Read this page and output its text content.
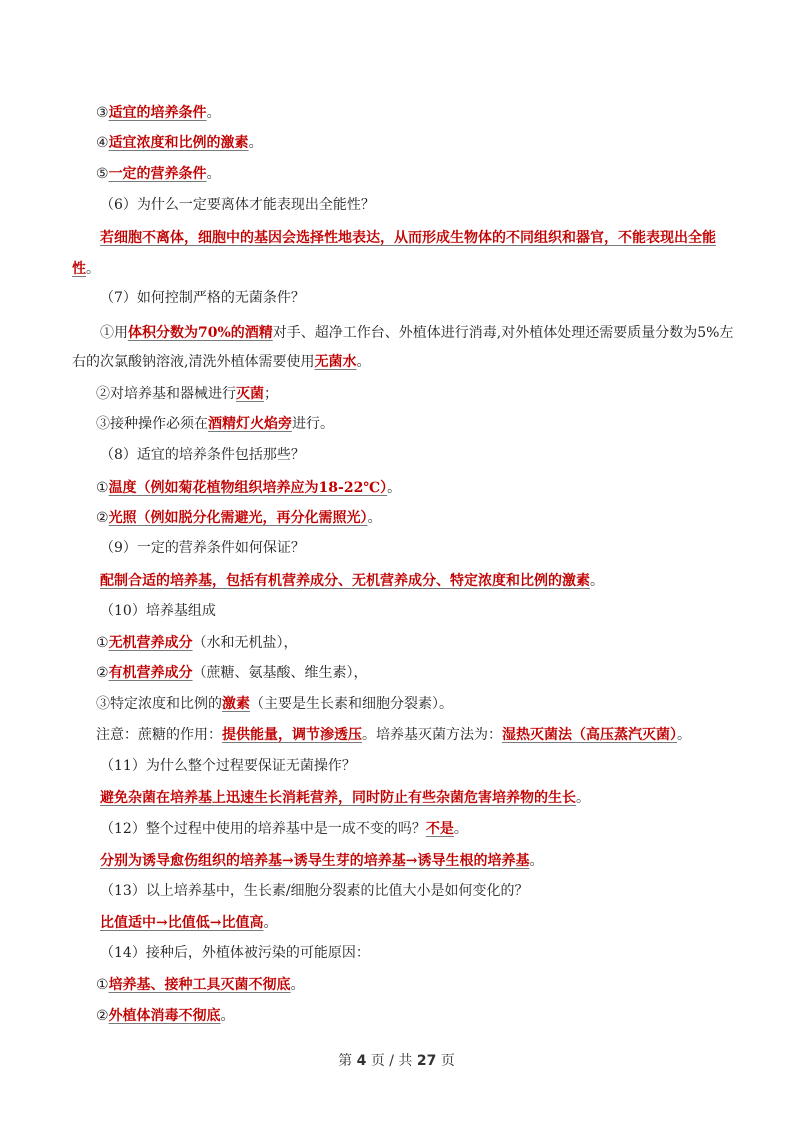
③适宜的培养条件。
④适宜浓度和比例的激素。
⑤一定的营养条件。
（6）为什么一定要离体才能表现出全能性？
若细胞不离体，细胞中的基因会选择性地表达，从而形成生物体的不同组织和器官，不能表现出全能
性。
（7）如何控制严格的无菌条件？
①用体积分数为70%的酒精对手、超净工作台、外植体进行消毒,对外植体处理还需要质量分数为5%左
右的次氯酸钠溶液,清洗外植体需要使用无菌水。
②对培养基和器械进行灭菌；
③接种操作必须在酒精灯火焰旁进行。
（8）适宜的培养条件包括那些？
①温度（例如菊花植物组织培养应为18-22℃）。
②光照（例如脱分化需避光，再分化需照光）。
（9）一定的营养条件如何保证？
配制合适的培养基，包括有机营养成分、无机营养成分、特定浓度和比例的激素。
（10）培养基组成
①无机营养成分（水和无机盐），
②有机营养成分（蔗糖、氨基酸、维生素），
③特定浓度和比例的激素（主要是生长素和细胞分裂素）。
注意：蔗糖的作用：提供能量，调节渗透压。培养基灭菌方法为：湿热灭菌法（高压蒸汽灭菌）。
（11）为什么整个过程要保证无菌操作？
避免杂菌在培养基上迅速生长消耗营养，同时防止有些杂菌危害培养物的生长。
（12）整个过程中使用的培养基中是一成不变的吗？不是。
分别为诱导愈伤组织的培养基→诱导生芽的培养基→诱导生根的培养基。
（13）以上培养基中，生长素/细胞分裂素的比值大小是如何变化的？
比值适中→比值低→比值高。
（14）接种后，外植体被污染的可能原因：
①培养基、接种工具灭菌不彻底。
②外植体消毒不彻底。
第 4 页 / 共 27 页
